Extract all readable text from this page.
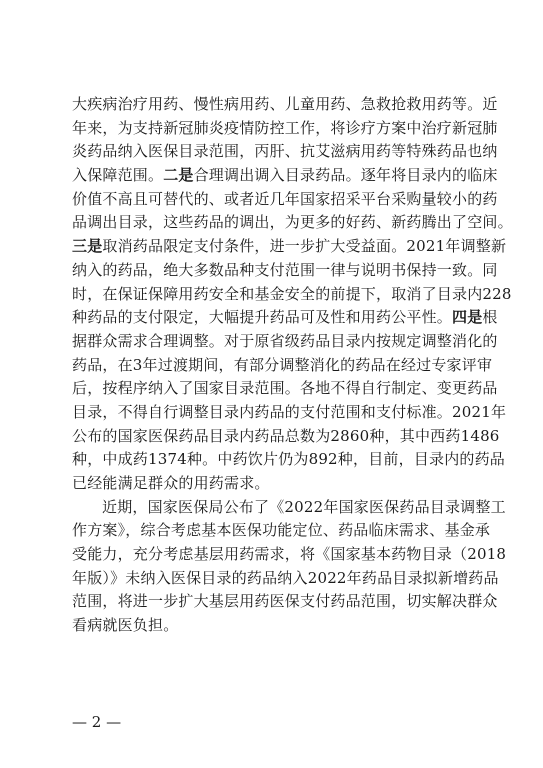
大疾病治疗用药、慢性病用药、儿童用药、急救抢救用药等。近
年来，为支持新冠肺炎疫情防控工作，将诊疗方案中治疗新冠肺
炎药品纳入医保目录范围，丙肝、抗艾滋病用药等特殊药品也纳
入保障范围。二是合理调出调入目录药品。逐年将目录内的临床
价值不高且可替代的、或者近几年国家招采平台采购量较小的药
品调出目录，这些药品的调出，为更多的好药、新药腾出了空间。
三是取消药品限定支付条件，进一步扩大受益面。2021年调整新
纳入的药品，绝大多数品种支付范围一律与说明书保持一致。同
时，在保证保障用药安全和基金安全的前提下，取消了目录内228
种药品的支付限定，大幅提升药品可及性和用药公平性。四是根
据群众需求合理调整。对于原省级药品目录内按规定调整消化的
药品，在3年过渡期间，有部分调整消化的药品在经过专家评审
后，按程序纳入了国家目录范围。各地不得自行制定、变更药品
目录，不得自行调整目录内药品的支付范围和支付标准。2021年
公布的国家医保药品目录内药品总数为2860种，其中西药1486
种，中成药1374种。中药饮片仍为892种，目前，目录内的药品
已经能满足群众的用药需求。
近期，国家医保局公布了《2022年国家医保药品目录调整工
作方案》，综合考虑基本医保功能定位、药品临床需求、基金承
受能力，充分考虑基层用药需求，将《国家基本药物目录（2018
年版）》未纳入医保目录的药品纳入2022年药品目录拟新增药品
范围，将进一步扩大基层用药医保支付药品范围，切实解决群众
看病就医负担。
— 2 —
